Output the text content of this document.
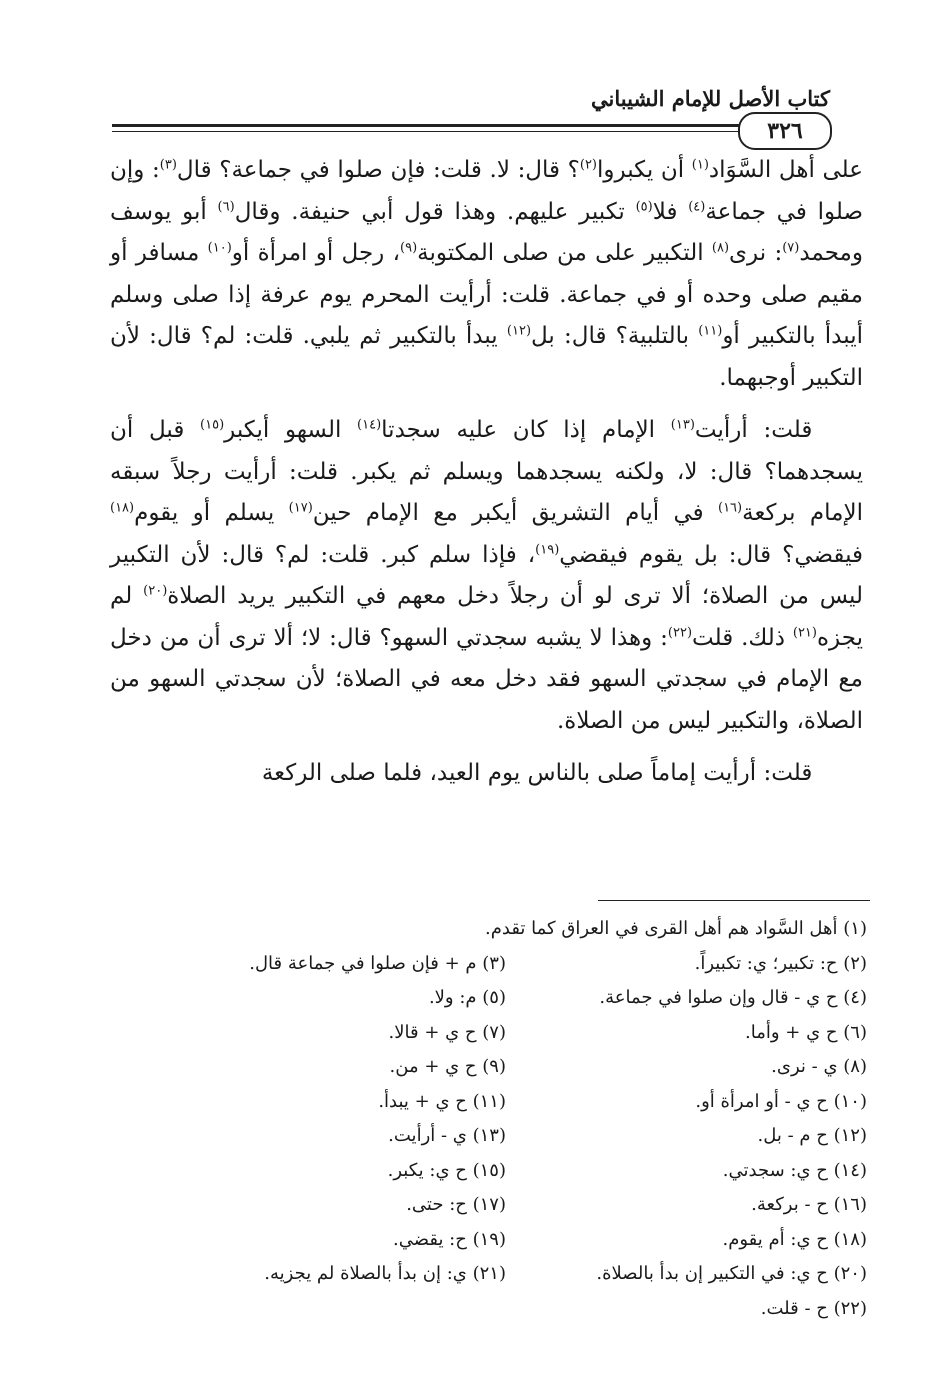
كتاب الأصل للإمام الشيباني
٣٢٦

على أهل السَّوَاد$^{(١)}$ أن يكبروا$^{(٢)}$؟ قال: لا. قلت: فإن صلوا في جماعة؟ قال$^{(٣)}$: وإن صلوا في جماعة$^{(٤)}$ فلا$^{(٥)}$ تكبير عليهم. وهذا قول أبي حنيفة. وقال$^{(٦)}$ أبو يوسف ومحمد$^{(٧)}$: نرى$^{(٨)}$ التكبير على من صلى المكتوبة$^{(٩)}$، رجل أو امرأة أو$^{(١٠)}$ مسافر أو مقيم صلى وحده أو في جماعة. قلت: أرأيت المحرم يوم عرفة إذا صلى وسلم أيبدأ بالتكبير أو$^{(١١)}$ بالتلبية؟ قال: بل$^{(١٢)}$ يبدأ بالتكبير ثم يلبي. قلت: لم؟ قال: لأن التكبير أوجبهما.

قلت: أرأيت$^{(١٣)}$ الإمام إذا كان عليه سجدتا$^{(١٤)}$ السهو أيكبر$^{(١٥)}$ قبل أن يسجدهما؟ قال: لا، ولكنه يسجدهما ويسلم ثم يكبر. قلت: أرأيت رجلاً سبقه الإمام بركعة$^{(١٦)}$ في أيام التشريق أيكبر مع الإمام حين$^{(١٧)}$ يسلم أو يقوم$^{(١٨)}$ فيقضي؟ قال: بل يقوم فيقضي$^{(١٩)}$، فإذا سلم كبر. قلت: لم؟ قال: لأن التكبير ليس من الصلاة؛ ألا ترى لو أن رجلاً دخل معهم في التكبير يريد الصلاة$^{(٢٠)}$ لم يجزه$^{(٢١)}$ ذلك. قلت$^{(٢٢)}$: وهذا لا يشبه سجدتي السهو؟ قال: لا؛ ألا ترى أن من دخل مع الإمام في سجدتي السهو فقد دخل معه في الصلاة؛ لأن سجدتي السهو من الصلاة، والتكبير ليس من الصلاة.

قلت: أرأيت إماماً صلى بالناس يوم العيد، فلما صلى الركعة

(١) أهل السَّواد هم أهل القرى في العراق كما تقدم.

(٢) ح: تكبير؛ ي: تكبيراً.
(٤) ح ي - قال وإن صلوا في جماعة.
(٦) ح ي + وأما.
(٨) ي - نرى.
(١٠) ح ي - أو امرأة أو.
(١٢) ح م - بل.
(١٤) ح ي: سجدتي.
(١٦) ح - بركعة.
(١٨) ح ي: أم يقوم.
(٢٠) ح ي: في التكبير إن بدأ بالصلاة.
(٢٢) ح - قلت.
(٣) م + فإن صلوا في جماعة قال.
(٥) م: ولا.
(٧) ح ي + قالا.
(٩) ح ي + من.
(١١) ح ي + يبدأ.
(١٣) ي - أرأيت.
(١٥) ح ي: يكبر.
(١٧) ح: حتى.
(١٩) ح: يقضي.
(٢١) ي: إن بدأ بالصلاة لم يجزيه.
